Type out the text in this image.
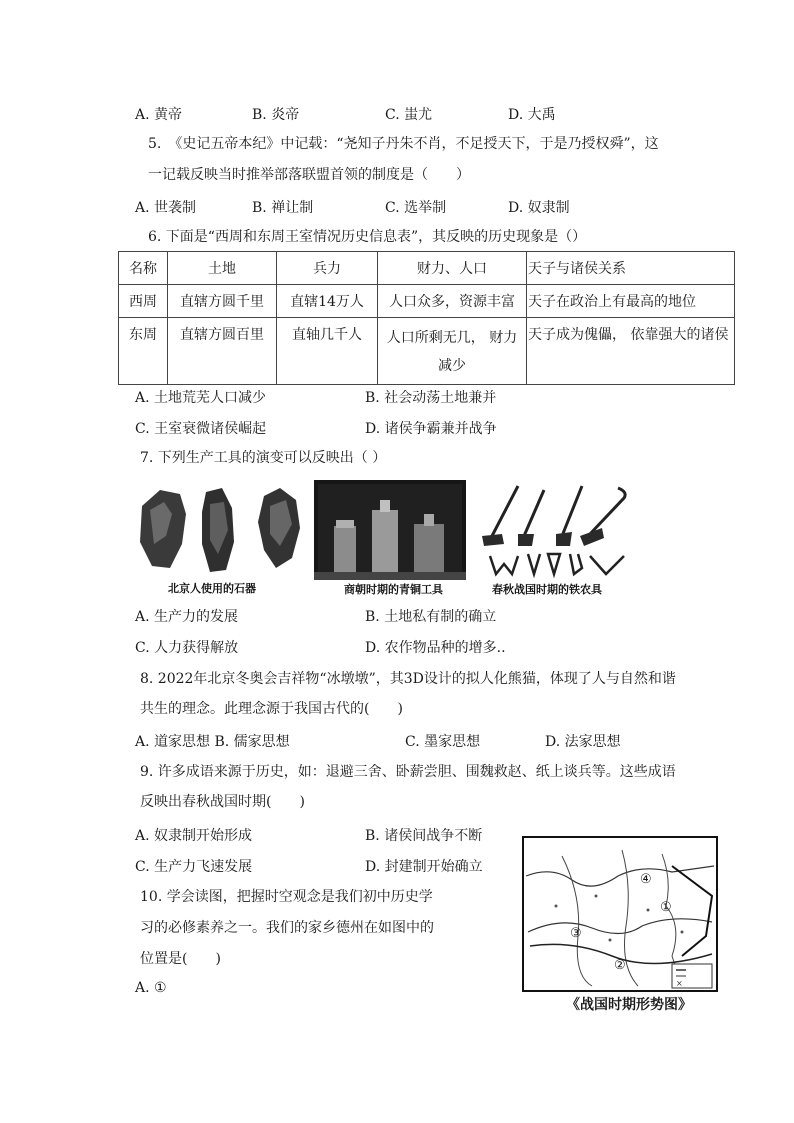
A. 黄帝	B. 炎帝	C. 蚩尤	D. 大禹
5.　《史记五帝本纪》中记载：“尧知子丹朱不肖，不足授天下，于是乃授权舜”，这
一记载反映当时推举部落联盟首领的制度是（　　）
A. 世袭制	B. 禅让制	C. 选举制	D. 奴隶制
6. 下面是“西周和东周王室情况历史信息表”，其反映的历史现象是（）
名称	土地	兵力	财力、人口	天子与诸侯关系
西周	直辖方圆千里	直辖14万人	人口众多，资源丰富	天子在政治上有最高的地位
东周	直辖方圆百里	直轴几千人	人口所剩无几， 财力减少	天子成为傀儡， 依靠强大的诸侯
A. 土地荒芜人口减少	B. 社会动荡土地兼并
C. 王室衰微诸侯崛起	D. 诸侯争霸兼并战争
7. 下列生产工具的演变可以反映出（ ）
北京人使用的石器	商朝时期的青铜工具	春秋战国时期的铁农具
A. 生产力的发展	B. 土地私有制的确立
C. 人力获得解放	D. 农作物品种的增多..
8. 2022年北京冬奥会吉祥物“冰墩墩”，其3D设计的拟人化熊猫，体现了人与自然和谐
共生的理念。此理念源于我国古代的(　　)
A. 道家思想 B. 儒家思想	C. 墨家思想	D. 法家思想
9. 许多成语来源于历史，如：退避三舍、卧薪尝胆、围魏救赵、纸上谈兵等。这些成语
反映出春秋战国时期(　　)
A. 奴隶制开始形成	B. 诸侯间战争不断
C. 生产力飞速发展	D. 封建制开始确立
10. 学会读图，把握时空观念是我们初中历史学
习的必修素养之一。我们的家乡德州在如图中的
位置是(　　)
A. ①	×
④
①
③
②
《战国时期形势图》
